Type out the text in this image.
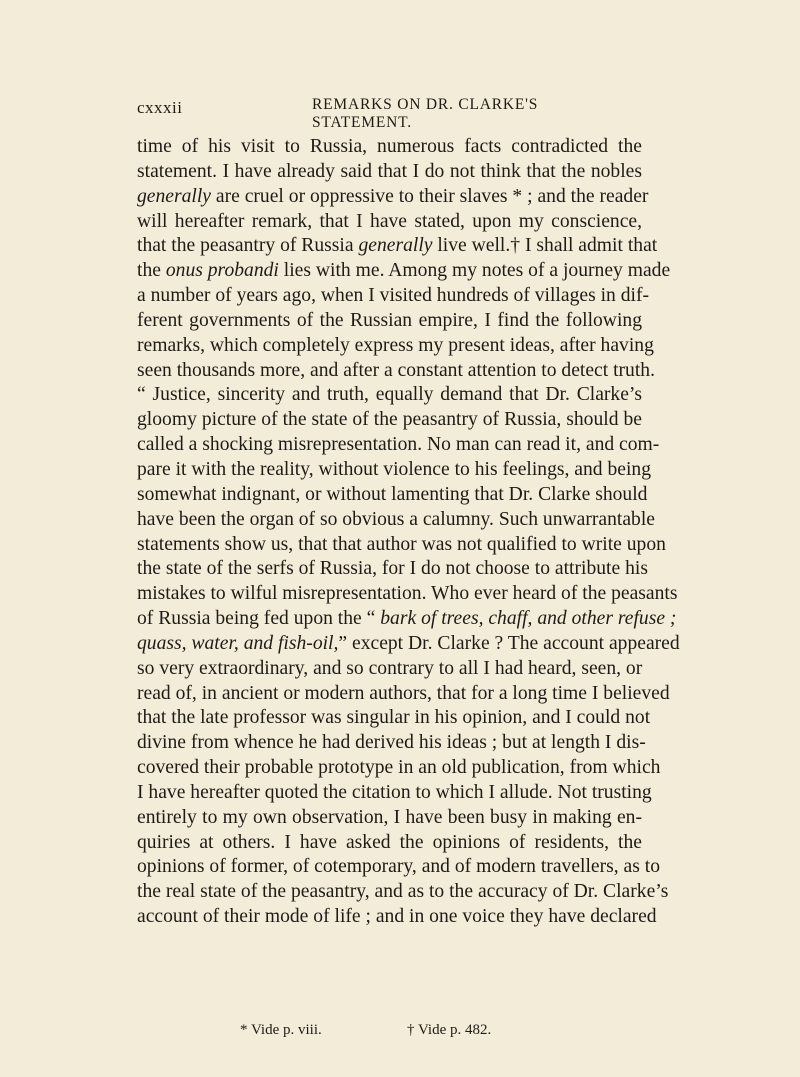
cxxxii	REMARKS ON DR. CLARKE'S STATEMENT.
time of his visit to Russia, numerous facts contradicted the
statement. I have already said that I do not think that the nobles
generally are cruel or oppressive to their slaves * ; and the reader
will hereafter remark, that I have stated, upon my conscience,
that the peasantry of Russia generally live well.† I shall admit that
the onus probandi lies with me. Among my notes of a journey made
a number of years ago, when I visited hundreds of villages in dif-
ferent governments of the Russian empire, I find the following
remarks, which completely express my present ideas, after having
seen thousands more, and after a constant attention to detect truth.
“ Justice, sincerity and truth, equally demand that Dr. Clarke’s
gloomy picture of the state of the peasantry of Russia, should be
called a shocking misrepresentation. No man can read it, and com-
pare it with the reality, without violence to his feelings, and being
somewhat indignant, or without lamenting that Dr. Clarke should
have been the organ of so obvious a calumny. Such unwarrantable
statements show us, that that author was not qualified to write upon
the state of the serfs of Russia, for I do not choose to attribute his
mistakes to wilful misrepresentation. Who ever heard of the peasants
of Russia being fed upon the “ bark of trees, chaff, and other refuse ;
quass, water, and fish-oil,” except Dr. Clarke ? The account appeared
so very extraordinary, and so contrary to all I had heard, seen, or
read of, in ancient or modern authors, that for a long time I believed
that the late professor was singular in his opinion, and I could not
divine from whence he had derived his ideas ; but at length I dis-
covered their probable prototype in an old publication, from which
I have hereafter quoted the citation to which I allude. Not trusting
entirely to my own observation, I have been busy in making en-
quiries at others. I have asked the opinions of residents, the
opinions of former, of cotemporary, and of modern travellers, as to
the real state of the peasantry, and as to the accuracy of Dr. Clarke’s
account of their mode of life ; and in one voice they have declared
* Vide p. viii.	† Vide p. 482.
